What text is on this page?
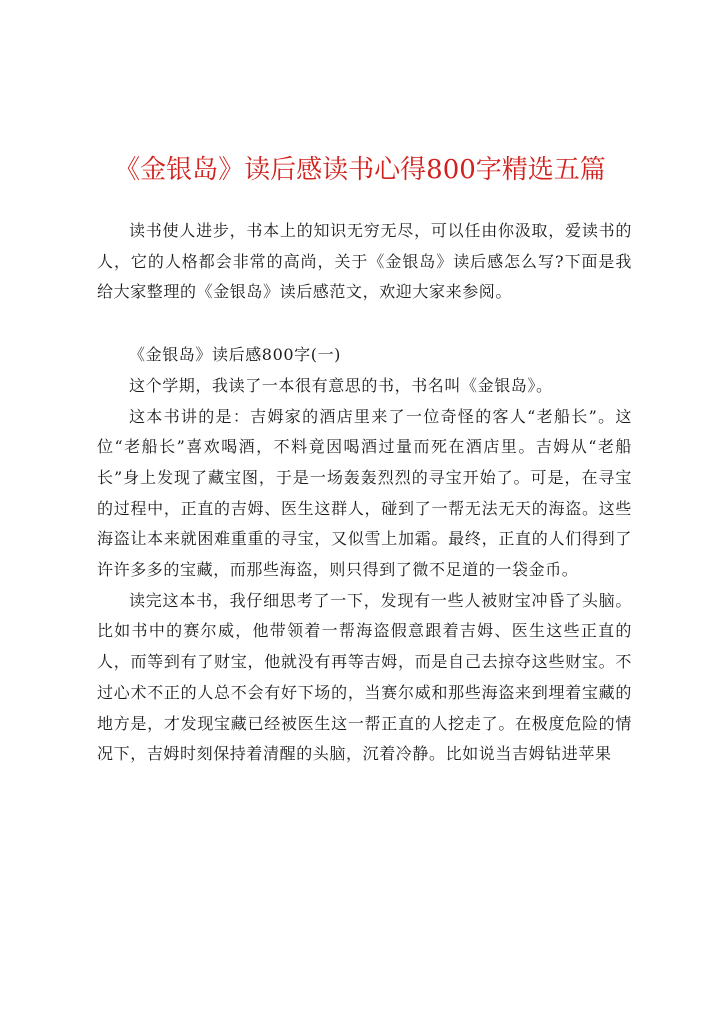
《金银岛》读后感读书心得800字精选五篇

读书使人进步，书本上的知识无穷无尽，可以任由你汲取，爱读书的人，它的人格都会非常的高尚，关于《金银岛》读后感怎么写?下面是我给大家整理的《金银岛》读后感范文，欢迎大家来参阅。

《金银岛》读后感800字(一)

这个学期，我读了一本很有意思的书，书名叫《金银岛》。

这本书讲的是：吉姆家的酒店里来了一位奇怪的客人“老船长”。这位“老船长”喜欢喝酒，不料竟因喝酒过量而死在酒店里。吉姆从“老船长”身上发现了藏宝图，于是一场轰轰烈烈的寻宝开始了。可是，在寻宝的过程中，正直的吉姆、医生这群人，碰到了一帮无法无天的海盗。这些海盗让本来就困难重重的寻宝，又似雪上加霜。最终，正直的人们得到了许许多多的宝藏，而那些海盗，则只得到了微不足道的一袋金币。

读完这本书，我仔细思考了一下，发现有一些人被财宝冲昏了头脑。比如书中的赛尔威，他带领着一帮海盗假意跟着吉姆、医生这些正直的人，而等到有了财宝，他就没有再等吉姆，而是自己去掠夺这些财宝。不过心术不正的人总不会有好下场的，当赛尔威和那些海盗来到埋着宝藏的地方是，才发现宝藏已经被医生这一帮正直的人挖走了。在极度危险的情况下，吉姆时刻保持着清醒的头脑，沉着冷静。比如说当吉姆钻进苹果
